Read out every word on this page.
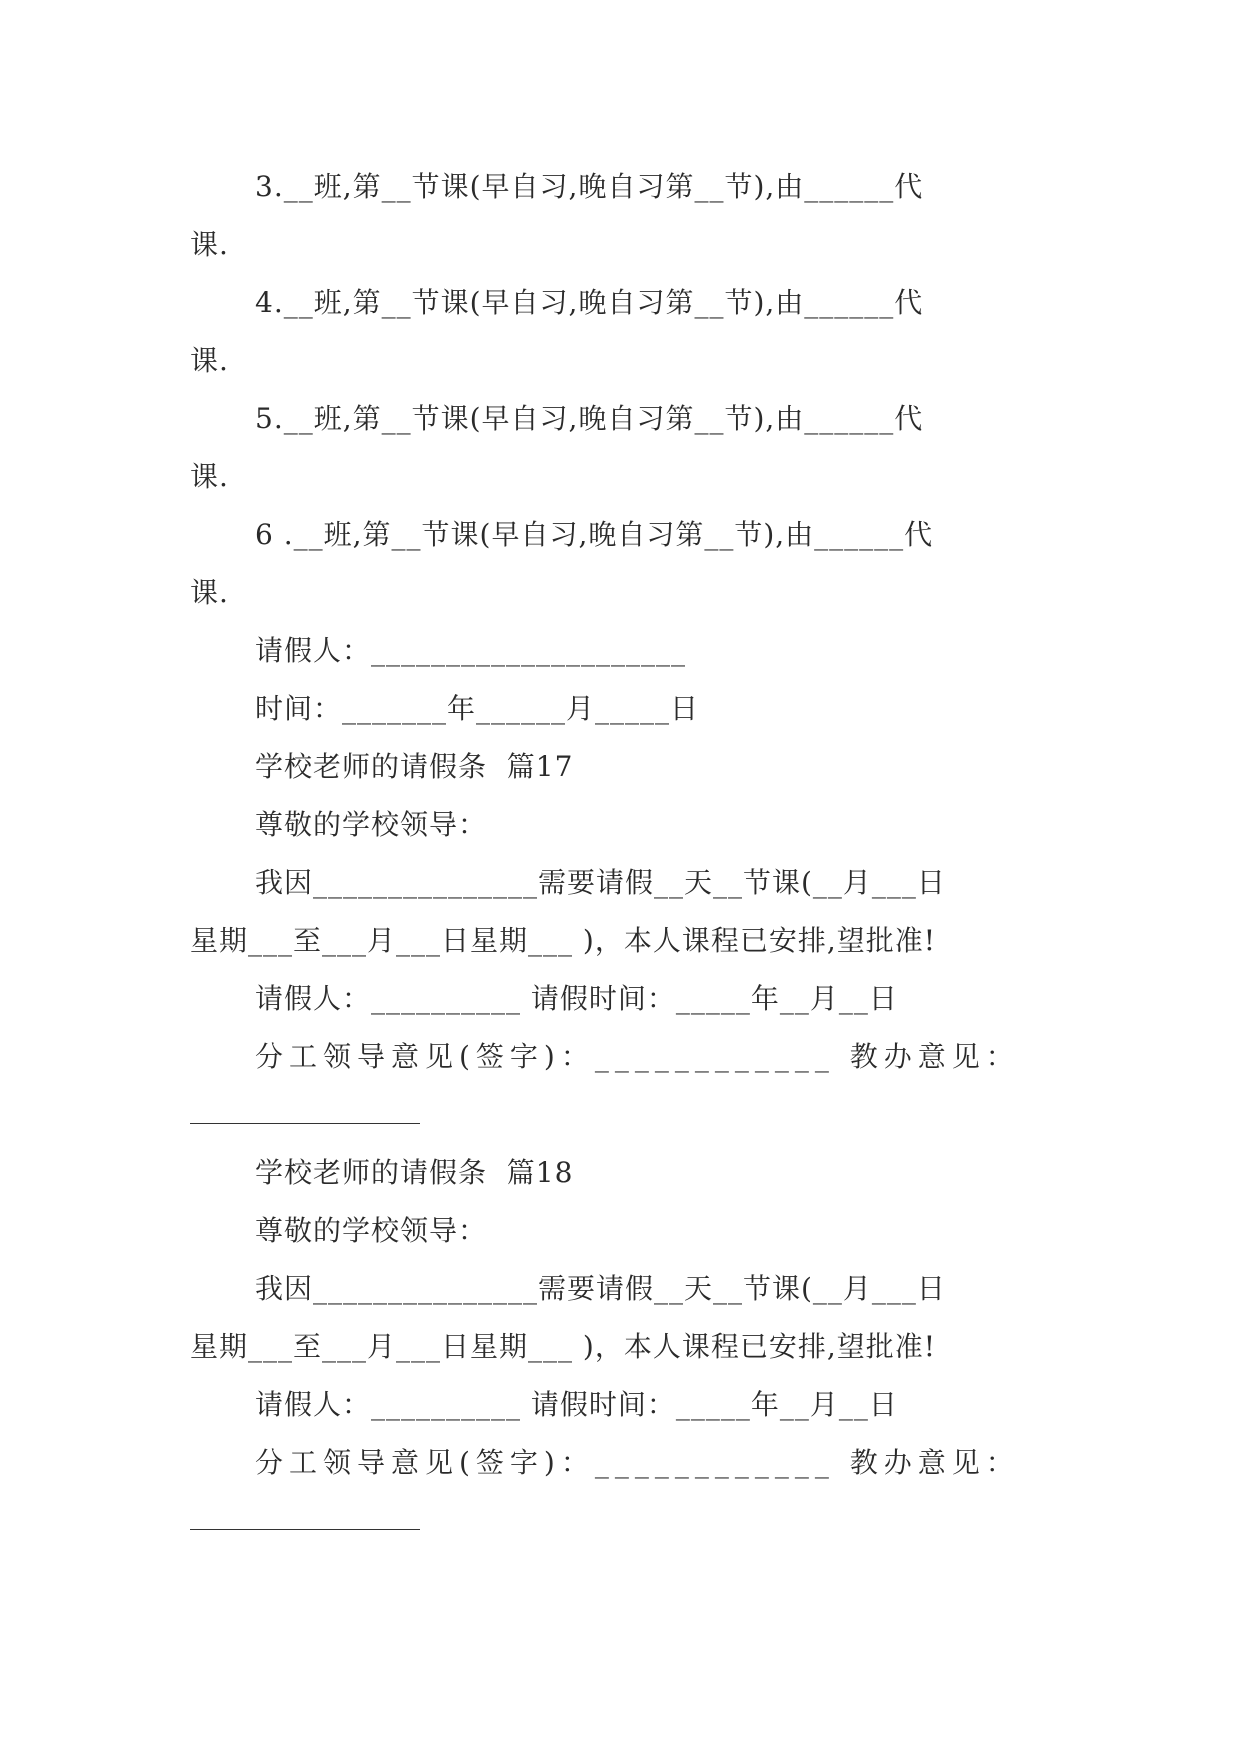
3.__班,第__节课(早自习,晚自习第__节),由______代
课.
4.__班,第__节课(早自习,晚自习第__节),由______代
课.
5.__班,第__节课(早自习,晚自习第__节),由______代
课.
6 .__班,第__节课(早自习,晚自习第__节),由______代
课.
请假人：_____________________
时间：_______年______月_____日
学校老师的请假条  篇17
尊敬的学校领导：
我因_______________需要请假__天__节课(__月___日
星期___至___月___日星期___ )，本人课程已安排,望批准!
请假人：__________ 请假时间：_____年__月__日
分工领导意见(签字)：____________ 教办意见：
学校老师的请假条  篇18
尊敬的学校领导：
我因_______________需要请假__天__节课(__月___日
星期___至___月___日星期___ )，本人课程已安排,望批准!
请假人：__________ 请假时间：_____年__月__日
分工领导意见(签字)：____________ 教办意见：
